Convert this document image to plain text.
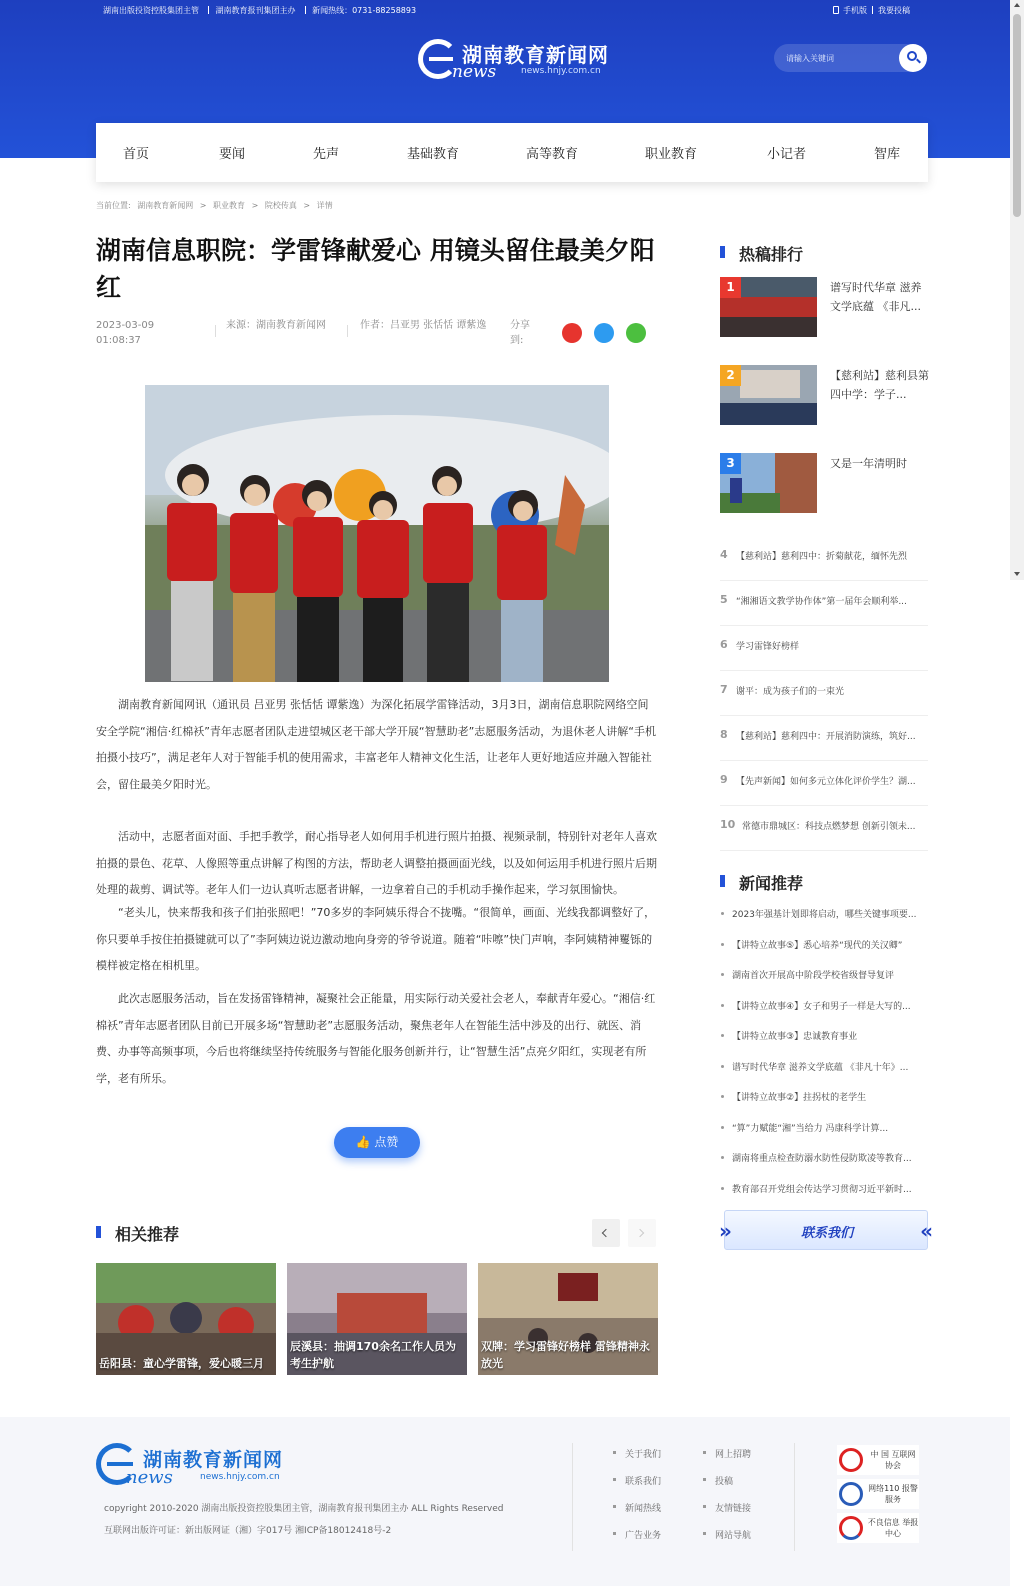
湖南出版投资控股集团主管 湖南教育报刊集团主办 新闻热线：0731-88258893	手机版 我要投稿
湖南教育新闻网
news	news.hnjy.com.cn
请输入关键词
首页	要闻	先声	基础教育	高等教育	职业教育	小记者	智库
当前位置: 湖南教育新闻网 > 职业教育 > 院校传真 > 详情
湖南信息职院：学雷锋献爱心 用镜头留住最美夕阳红
2023-03-09
01:08:37
来源：湖南教育新闻网	作者：吕亚男 张恬恬 谭紫逸	分享到:

湖南教育新闻网讯（通讯员 吕亚男 张恬恬 谭紫逸）为深化拓展学雷锋活动，3月3日，湖南信息职院网络空间安全学院“湘信·红棉袄”青年志愿者团队走进望城区老干部大学开展“智慧助老”志愿服务活动，为退休老人讲解“手机拍摄小技巧”，满足老年人对于智能手机的使用需求，丰富老年人精神文化生活，让老年人更好地适应并融入智能社会，留住最美夕阳时光。

活动中，志愿者面对面、手把手教学，耐心指导老人如何用手机进行照片拍摄、视频录制，特别针对老年人喜欢拍摄的景色、花草、人像照等重点讲解了构图的方法，帮助老人调整拍摄画面光线，以及如何运用手机进行照片后期处理的裁剪、调试等。老年人们一边认真听志愿者讲解，一边拿着自己的手机动手操作起来，学习氛围愉快。

“老头儿，快来帮我和孩子们拍张照吧！”70多岁的李阿姨乐得合不拢嘴。“很简单，画面、光线我都调整好了，你只要单手按住拍摄键就可以了”李阿姨边说边激动地向身旁的爷爷说道。随着“咔嚓”快门声响，李阿姨精神矍铄的模样被定格在相机里。

此次志愿服务活动，旨在发扬雷锋精神，凝聚社会正能量，用实际行动关爱社会老人，奉献青年爱心。“湘信·红棉袄”青年志愿者团队目前已开展多场“智慧助老”志愿服务活动，聚焦老年人在智能生活中涉及的出行、就医、消费、办事等高频事项，今后也将继续坚持传统服务与智能化服务创新并行，让“智慧生活”点亮夕阳红，实现老有所学，老有所乐。

👍 点赞
相关推荐
岳阳县：童心学雷锋，爱心暖三月
辰溪县：抽调170余名工作人员为考生护航
双牌：学习雷锋好榜样 雷锋精神永放光
热稿排行
1	谱写时代华章 滋养文学底蕴 《非凡...
2	【慈利站】慈利县第四中学：学子...
3	又是一年清明时
4 【慈利站】慈利四中：折菊献花，缅怀先烈
5 “湘湘语文教学协作体”第一届年会顺利举...
6 学习雷锋好榜样
7 谢平：成为孩子们的一束光
8 【慈利站】慈利四中：开展消防演练，筑好...
9 【先声新闻】如何多元立体化评价学生？湖...
10 常德市鼎城区：科技点燃梦想 创新引领未...
新闻推荐
2023年强基计划即将启动，哪些关键事项要...
【讲特立故事⑤】悉心培养“现代的关汉卿”
湖南首次开展高中阶段学校省级督导复评
【讲特立故事④】女子和男子一样是大写的...
【讲特立故事③】忠诚教育事业
谱写时代华章 滋养文学底蕴 《非凡十年》...
【讲特立故事②】拄拐杖的老学生
“算”力赋能“湘”当给力 冯康科学计算...
湖南将重点检查防溺水防性侵防欺凌等教育...
教育部召开党组会传达学习贯彻习近平新时...
»	联系我们	«
湖南教育新闻网
news	news.hnjy.com.cn
copyright 2010-2020 湖南出版投资控股集团主管，湖南教育报刊集团主办 ALL Rights Reserved
互联网出版许可证：新出版网证（湘）字017号 湘ICP备18012418号-2
关于我们
联系我们
新闻热线
广告业务
网上招聘
投稿
友情链接
网站导航
中 国 互联网协会
网络110 报警服务
不良信息 举报中心
